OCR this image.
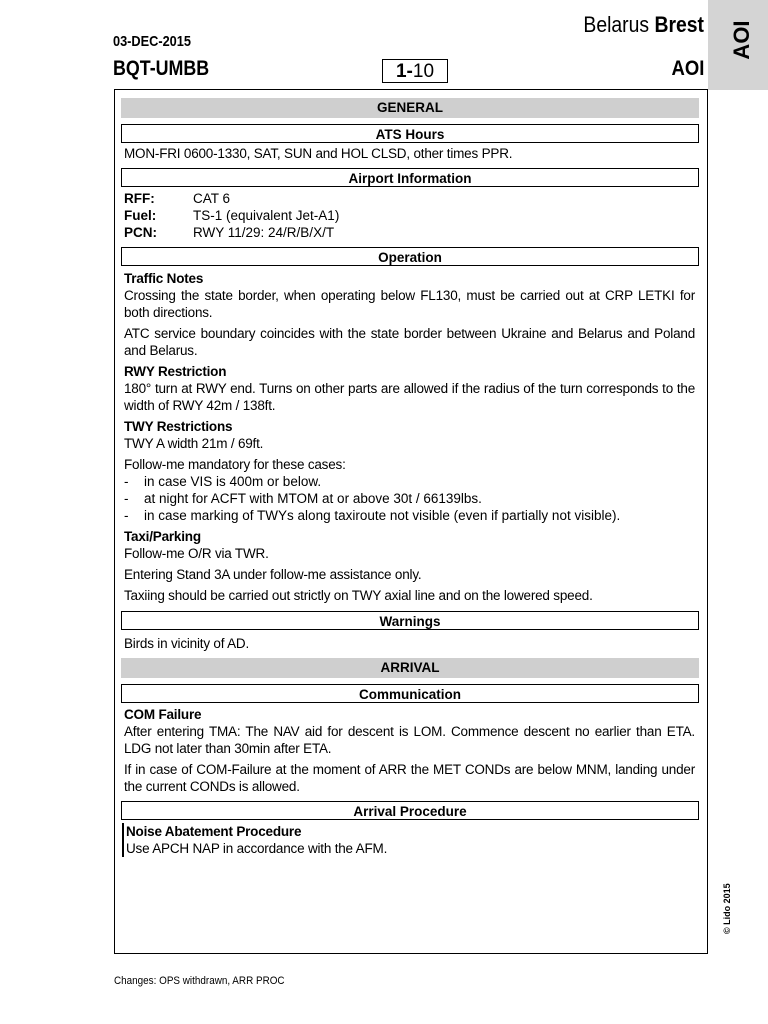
03-DEC-2015
BQT-UMBB	1-10
Belarus Brest
AOI
AOI
GENERAL
ATS Hours
MON-FRI 0600-1330, SAT, SUN and HOL CLSD, other times PPR.
Airport Information
RFF:	CAT 6
Fuel:	TS-1 (equivalent Jet-A1)
PCN:	RWY 11/29: 24/R/B/X/T
Operation
Traffic Notes
Crossing the state border, when operating below FL130, must be carried out at CRP LETKI for both directions.
ATC service boundary coincides with the state border between Ukraine and Belarus and Poland and Belarus.
RWY Restriction
180° turn at RWY end. Turns on other parts are allowed if the radius of the turn corresponds to the width of RWY 42m / 138ft.
TWY Restrictions
TWY A width 21m / 69ft.
Follow-me mandatory for these cases:
-	in case VIS is 400m or below.
-	at night for ACFT with MTOM at or above 30t / 66139lbs.
-	in case marking of TWYs along taxiroute not visible (even if partially not visible).
Taxi/Parking
Follow-me O/R via TWR.
Entering Stand 3A under follow-me assistance only.
Taxiing should be carried out strictly on TWY axial line and on the lowered speed.
Warnings
Birds in vicinity of AD.
ARRIVAL
Communication
COM Failure
After entering TMA: The NAV aid for descent is LOM. Commence descent no earlier than ETA. LDG not later than 30min after ETA.
If in case of COM-Failure at the moment of ARR the MET CONDs are below MNM, landing under the current CONDs is allowed.
Arrival Procedure
Noise Abatement Procedure
Use APCH NAP in accordance with the AFM.
© Lido 2015
Changes: OPS withdrawn, ARR PROC
